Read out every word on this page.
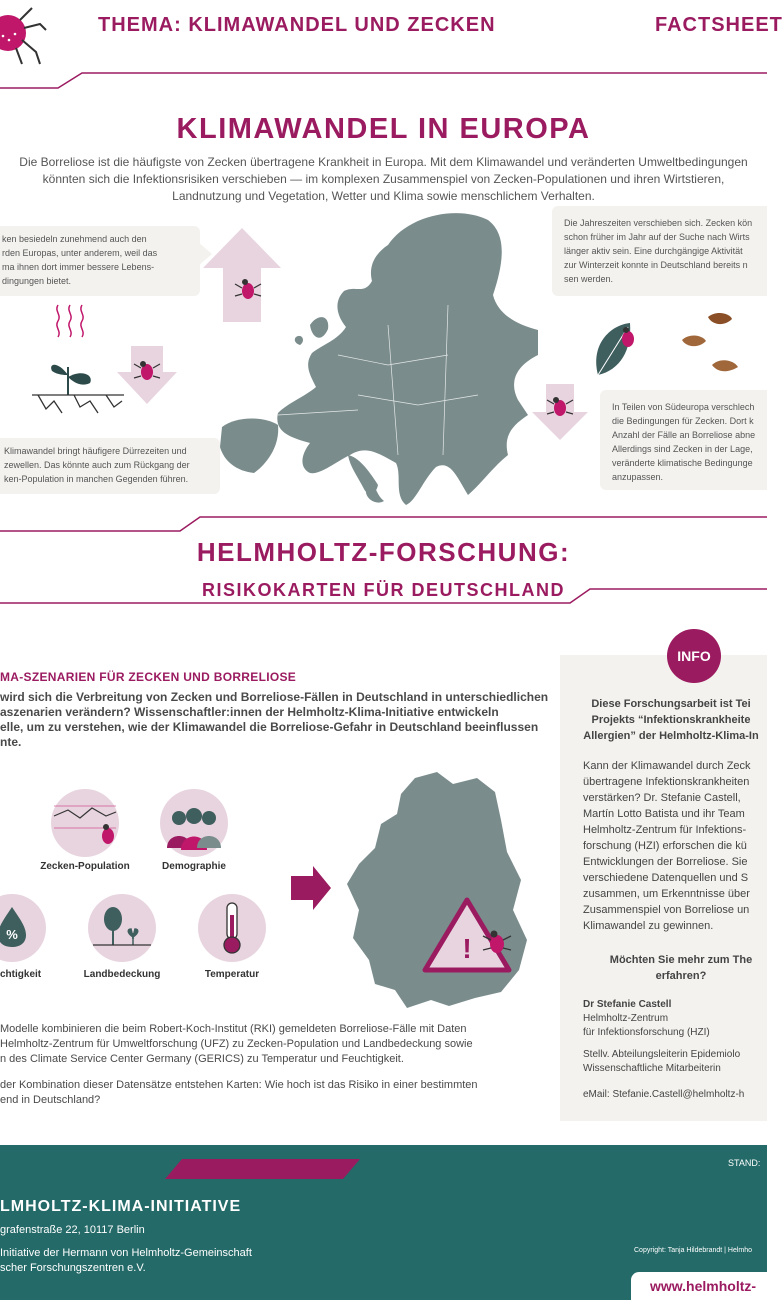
THEMA: KLIMAWANDEL UND ZECKEN	FACTSHEET
KLIMAWANDEL IN EUROPA
Die Borreliose ist die häufigste von Zecken übertragene Krankheit in Europa. Mit dem Klimawandel und veränderten Umweltbedingungen
könnten sich die Infektionsrisiken verschieben — im komplexen Zusammenspiel von Zecken-Populationen und ihren Wirtstieren,
Landnutzung und Vegetation, Wetter und Klima sowie menschlichem Verhalten.
ken besiedeln zunehmend auch den
rden Europas, unter anderem, weil das
ma ihnen dort immer bessere Lebens-
dingungen bietet.
Die Jahreszeiten verschieben sich. Zecken kön
schon früher im Jahr auf der Suche nach Wirts
länger aktiv sein. Eine durchgängige Aktivität
zur Winterzeit konnte in Deutschland bereits n
sen werden.
Klimawandel bringt häufigere Dürrezeiten und
zewellen. Das könnte auch zum Rückgang der
ken-Population in manchen Gegenden führen.
In Teilen von Südeuropa verschlech
die Bedingungen für Zecken. Dort k
Anzahl der Fälle an Borreliose abne
Allerdings sind Zecken in der Lage,
veränderte klimatische Bedingunge
anzupassen.
HELMHOLTZ-FORSCHUNG:
RISIKOKARTEN FÜR DEUTSCHLAND
MA-SZENARIEN FÜR ZECKEN UND BORRELIOSE
wird sich die Verbreitung von Zecken und Borreliose-Fällen in Deutschland in unterschiedlichen
aszenarien verändern? Wissenschaftler:innen der Helmholtz-Klima-Initiative entwickeln
elle, um zu verstehen, wie der Klimawandel die Borreliose-Gefahr in Deutschland beeinflussen
nte.
Zecken-Population	Demographie
%
chtigkeit	Landbedeckung	Temperatur
!
Modelle kombinieren die beim Robert-Koch-Institut (RKI) gemeldeten Borreliose-Fälle mit Daten
Helmholtz-Zentrum für Umweltforschung (UFZ) zu Zecken-Population und Landbedeckung sowie
n des Climate Service Center Germany (GERICS) zu Temperatur und Feuchtigkeit.
der Kombination dieser Datensätze entstehen Karten: Wie hoch ist das Risiko in einer bestimmten
end in Deutschland?
INFO
Diese Forschungsarbeit ist Tei
Projekts “Infektionskrankheite
Allergien” der Helmholtz-Klima-In
Kann der Klimawandel durch Zeck
übertragene Infektionskrankheiten
verstärken? Dr. Stefanie Castell,
Martín Lotto Batista und ihr Team
Helmholtz-Zentrum für Infektions-
forschung (HZI) erforschen die kü
Entwicklungen der Borreliose. Sie
verschiedene Datenquellen und S
zusammen, um Erkenntnisse über
Zusammenspiel von Borreliose un
Klimawandel zu gewinnen.
Möchten Sie mehr zum The
erfahren?
Dr Stefanie Castell
Helmholtz-Zentrum
für Infektionsforschung (HZI)
Stellv. Abteilungsleiterin Epidemiolo
Wissenschaftliche Mitarbeiterin
eMail: Stefanie.Castell@helmholtz-h
STAND:
LMHOLTZ-KLIMA-INITIATIVE
grafenstraße 22, 10117 Berlin
Initiative der Hermann von Helmholtz-Gemeinschaft
scher Forschungszentren e.V.
Copyright: Tanja Hildebrandt | Helmho
www.helmholtz-
